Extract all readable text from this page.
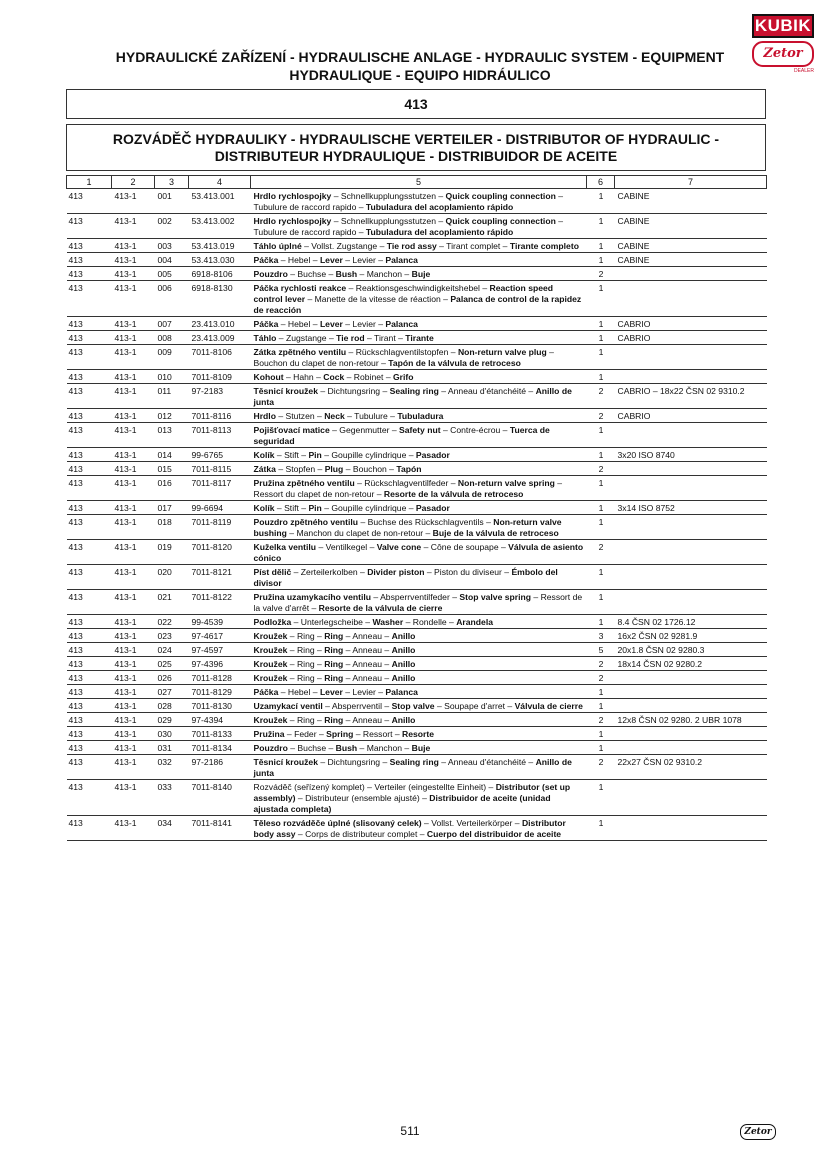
KUBIK
Zetor
DEALER
HYDRAULICKÉ ZAŘÍZENÍ - HYDRAULISCHE ANLAGE - HYDRAULIC SYSTEM - EQUIPMENT
HYDRAULIQUE - EQUIPO HIDRÁULICO
413
ROZVÁDĚČ HYDRAULIKY - HYDRAULISCHE VERTEILER - DISTRIBUTOR OF HYDRAULIC -
DISTRIBUTEUR HYDRAULIQUE - DISTRIBUIDOR DE ACEITE
1	2	3	4	5	6	7
413	413-1	001	53.413.001	Hrdlo rychlospojky – Schnellkupplungsstutzen – Quick coupling connection – Tubulure de raccord rapido – Tubuladura del acoplamiento rápido	1	CABINE
413	413-1	002	53.413.002	Hrdlo rychlospojky – Schnellkupplungsstutzen – Quick coupling connection – Tubulure de raccord rapido – Tubuladura del acoplamiento rápido	1	CABINE
413	413-1	003	53.413.019	Táhlo úplné – Vollst. Zugstange – Tie rod assy – Tirant complet – Tirante completo	1	CABINE
413	413-1	004	53.413.030	Páčka – Hebel – Lever – Levier – Palanca	1	CABINE
413	413-1	005	6918-8106	Pouzdro – Buchse – Bush – Manchon – Buje	2	
413	413-1	006	6918-8130	Páčka rychlosti reakce – Reaktionsgeschwindigkeitshebel – Reaction speed control lever – Manette de la vitesse de réaction – Palanca de control de la rapidez de reacción	1	
413	413-1	007	23.413.010	Páčka – Hebel – Lever – Levier – Palanca	1	CABRIO
413	413-1	008	23.413.009	Táhlo – Zugstange – Tie rod – Tirant – Tirante	1	CABRIO
413	413-1	009	7011-8106	Zátka zpětného ventilu – Rückschlagventilstopfen – Non-return valve plug – Bouchon du clapet de non-retour – Tapón de la válvula de retroceso	1	
413	413-1	010	7011-8109	Kohout – Hahn – Cock – Robinet – Grifo	1	
413	413-1	011	97-2183	Těsnicí kroužek – Dichtungsring – Sealing ring – Anneau d'étanchéité – Anillo de junta	2	CABRIO – 18x22 ČSN 02 9310.2
413	413-1	012	7011-8116	Hrdlo – Stutzen – Neck – Tubulure – Tubuladura	2	CABRIO
413	413-1	013	7011-8113	Pojišťovací matice – Gegenmutter – Safety nut – Contre-écrou – Tuerca de seguridad	1	
413	413-1	014	99-6765	Kolík – Stift – Pin – Goupille cylindrique – Pasador	1	3x20 ISO 8740
413	413-1	015	7011-8115	Zátka – Stopfen – Plug – Bouchon – Tapón	2	
413	413-1	016	7011-8117	Pružina zpětného ventilu – Rückschlagventilfeder – Non-return valve spring – Ressort du clapet de non-retour – Resorte de la válvula de retroceso	1	
413	413-1	017	99-6694	Kolík – Stift – Pin – Goupille cylindrique – Pasador	1	3x14 ISO 8752
413	413-1	018	7011-8119	Pouzdro zpětného ventilu – Buchse des Rückschlagventils – Non-return valve bushing – Manchon du clapet de non-retour – Buje de la válvula de retroceso	1	
413	413-1	019	7011-8120	Kuželka ventilu – Ventilkegel – Valve cone – Cône de soupape – Válvula de asiento cónico	2	
413	413-1	020	7011-8121	Píst dělič – Zerteilerkolben – Divider piston – Piston du diviseur – Émbolo del divisor	1	
413	413-1	021	7011-8122	Pružina uzamykacího ventilu – Absperrventilfeder – Stop valve spring – Ressort de la valve d'arrêt – Resorte de la válvula de cierre	1	
413	413-1	022	99-4539	Podložka – Unterlegscheibe – Washer – Rondelle – Arandela	1	8.4 ČSN 02 1726.12
413	413-1	023	97-4617	Kroužek – Ring – Ring – Anneau – Anillo	3	16x2 ČSN 02 9281.9
413	413-1	024	97-4597	Kroužek – Ring – Ring – Anneau – Anillo	5	20x1.8 ČSN 02 9280.3
413	413-1	025	97-4396	Kroužek – Ring – Ring – Anneau – Anillo	2	18x14 ČSN 02 9280.2
413	413-1	026	7011-8128	Kroužek – Ring – Ring – Anneau – Anillo	2	
413	413-1	027	7011-8129	Páčka – Hebel – Lever – Levier – Palanca	1	
413	413-1	028	7011-8130	Uzamykací ventil – Absperrventil – Stop valve – Soupape d'arret – Válvula de cierre	1	
413	413-1	029	97-4394	Kroužek – Ring – Ring – Anneau – Anillo	2	12x8 ČSN 02 9280. 2 UBR 1078
413	413-1	030	7011-8133	Pružina – Feder – Spring – Ressort – Resorte	1	
413	413-1	031	7011-8134	Pouzdro – Buchse – Bush – Manchon – Buje	1	
413	413-1	032	97-2186	Těsnicí kroužek – Dichtungsring – Sealing ring – Anneau d'étanchéité – Anillo de junta	2	22x27 ČSN 02 9310.2
413	413-1	033	7011-8140	Rozváděč (seřízený komplet) – Verteiler (eingestellte Einheit) – Distributor (set up assembly) – Distributeur (ensemble ajusté) – Distribuidor de aceite (unidad ajustada completa)	1	
413	413-1	034	7011-8141	Těleso rozváděče úplné (slisovaný celek) – Vollst. Verteilerkörper – Distributor body assy – Corps de distributeur complet – Cuerpo del distribuidor de aceite	1	
511	Zetor
